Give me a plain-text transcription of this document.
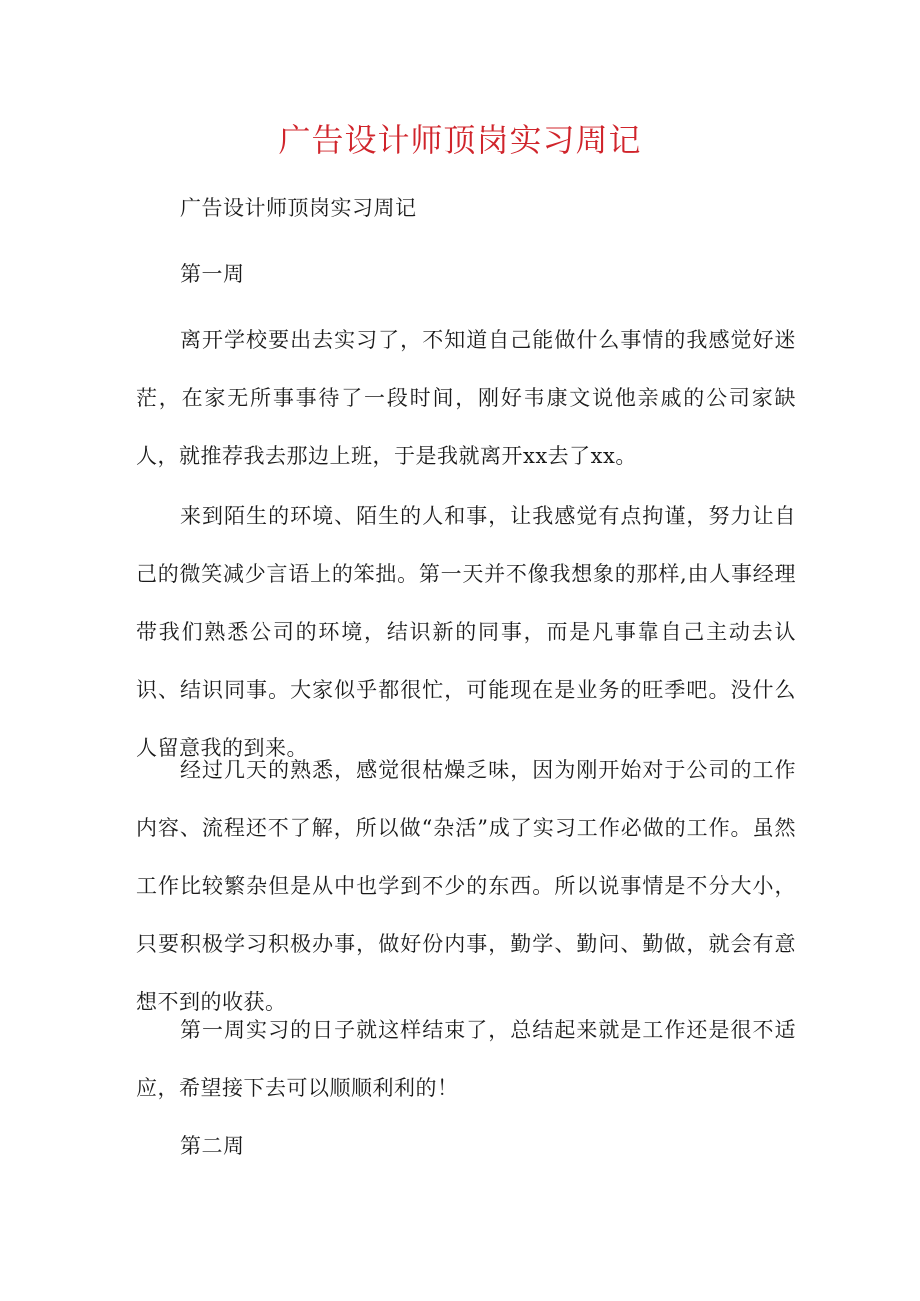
广告设计师顶岗实习周记

广告设计师顶岗实习周记

第一周

离开学校要出去实习了，不知道自己能做什么事情的我感觉好迷茫，在家无所事事待了一段时间，刚好韦康文说他亲戚的公司家缺人，就推荐我去那边上班，于是我就离开xx去了xx。

来到陌生的环境、陌生的人和事，让我感觉有点拘谨，努力让自己的微笑减少言语上的笨拙。第一天并不像我想象的那样,由人事经理带我们熟悉公司的环境，结识新的同事，而是凡事靠自己主动去认识、结识同事。大家似乎都很忙，可能现在是业务的旺季吧。没什么人留意我的到来。

经过几天的熟悉，感觉很枯燥乏味，因为刚开始对于公司的工作内容、流程还不了解，所以做“杂活”成了实习工作必做的工作。虽然工作比较繁杂但是从中也学到不少的东西。所以说事情是不分大小，只要积极学习积极办事，做好份内事，勤学、勤问、勤做，就会有意想不到的收获。

第一周实习的日子就这样结束了，总结起来就是工作还是很不适应，希望接下去可以顺顺利利的！

第二周
